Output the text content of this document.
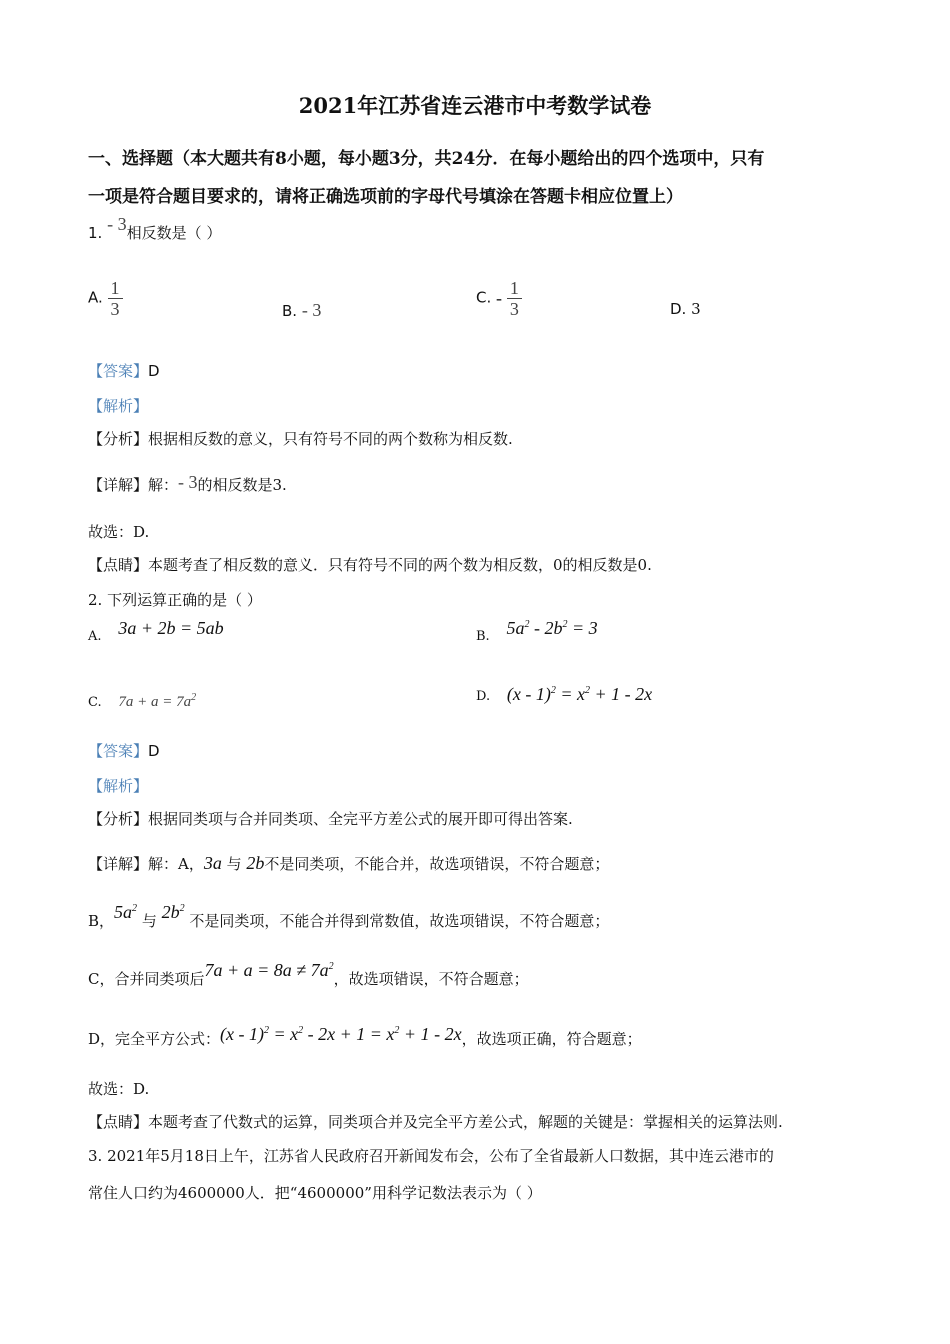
2021年江苏省连云港市中考数学试卷
一、选择题（本大题共有8小题，每小题3分，共24分．在每小题给出的四个选项中，只有
一项是符合题目要求的，请将正确选项前的字母代号填涂在答题卡相应位置上）
1. - 3相反数是（ ）
A. $\frac{1}{3}$	B. - 3
C. - $\frac{1}{3}$	D. 3
【答案】D
【解析】
【分析】根据相反数的意义，只有符号不同的两个数称为相反数.
【详解】解：- 3的相反数是3.
故选：D.
【点睛】本题考查了相反数的意义．只有符号不同的两个数为相反数，0的相反数是0.
2. 下列运算正确的是（ ）
A. 3a + 2b = 5ab	B. $5a^2 - 2b^2 = 3$
C. $7a + a = 7a^2$	D. $(x - 1)^2 = x^2 + 1 - 2x$
【答案】D
【解析】
【分析】根据同类项与合并同类项、全完平方差公式的展开即可得出答案.
【详解】解：A，3a 与 2b不是同类项，不能合并，故选项错误，不符合题意；
B，$5a^2$ 与 $2b^2$ 不是同类项，不能合并得到常数值，故选项错误，不符合题意；
C，合并同类项后$7a + a = 8a \ne 7a^2$，故选项错误，不符合题意；
D，完全平方公式：$(x - 1)^2 = x^2 - 2x + 1 = x^2 + 1 - 2x$，故选项正确，符合题意；
故选：D.
【点睛】本题考查了代数式的运算，同类项合并及完全平方差公式，解题的关键是：掌握相关的运算法则.
3. 2021年5月18日上午，江苏省人民政府召开新闻发布会，公布了全省最新人口数据，其中连云港市的
常住人口约为4600000人．把“4600000”用科学记数法表示为（ ）
